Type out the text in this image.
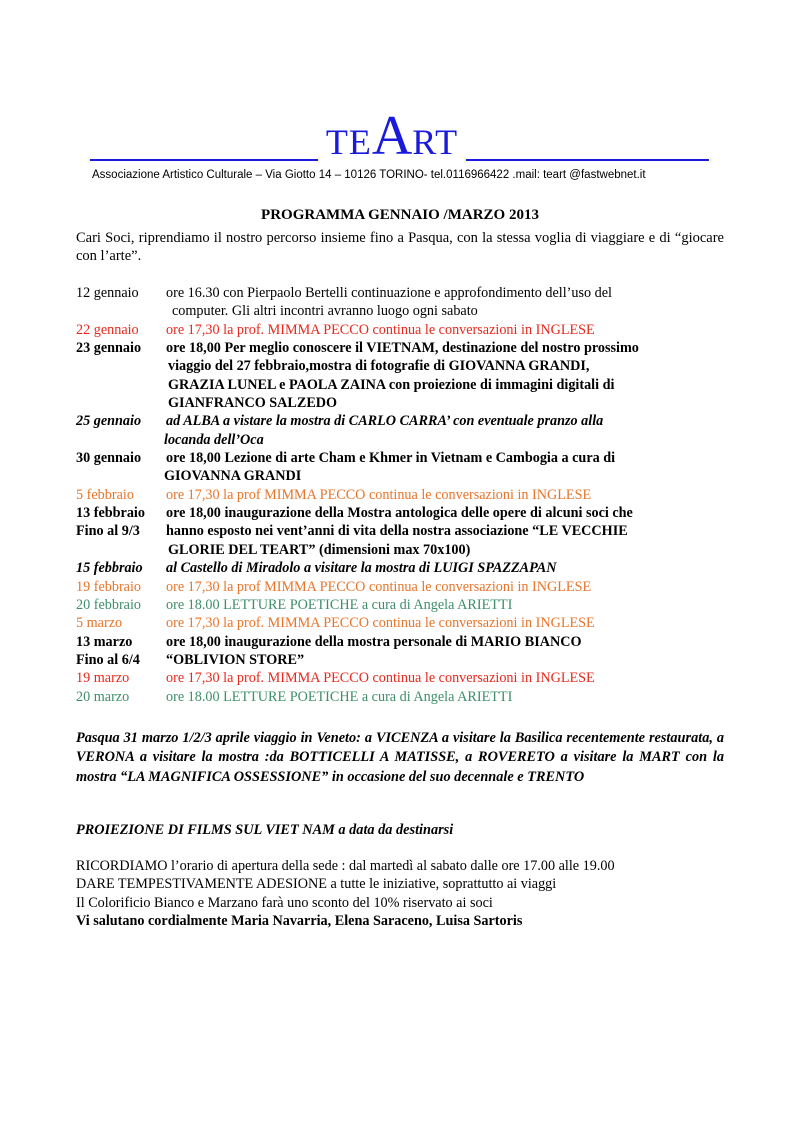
TEART
Associazione Artistico Culturale – Via Giotto 14 – 10126 TORINO- tel.0116966422 .mail: teart @fastwebnet.it
PROGRAMMA GENNAIO /MARZO 2013
Cari Soci, riprendiamo il nostro percorso insieme fino a Pasqua, con la stessa voglia di viaggiare e di “giocare con l’arte”.
12 gennaio ore 16.30 con Pierpaolo Bertelli continuazione e approfondimento dell’uso del
computer. Gli altri incontri avranno luogo ogni sabato
22 gennaio ore 17,30 la prof. MIMMA PECCO continua le conversazioni in INGLESE
23 gennaio ore 18,00 Per meglio conoscere il VIETNAM, destinazione del nostro prossimo
viaggio del 27 febbraio,mostra di fotografie di GIOVANNA GRANDI,
GRAZIA LUNEL e PAOLA ZAINA con proiezione di immagini digitali di
GIANFRANCO SALZEDO
25 gennaio ad ALBA a vistare la mostra di CARLO CARRA’ con eventuale pranzo alla
locanda dell’Oca
30 gennaio ore 18,00 Lezione di arte Cham e Khmer in Vietnam e Cambogia a cura di
GIOVANNA GRANDI
5 febbraio ore 17,30 la prof MIMMA PECCO continua le conversazioni in INGLESE
13 febbraio ore 18,00 inaugurazione della Mostra antologica delle opere di alcuni soci che
Fino al 9/3 hanno esposto nei vent’anni di vita della nostra associazione “LE VECCHIE
GLORIE DEL TEART” (dimensioni max 70x100)
15 febbraio al Castello di Miradolo a visitare la mostra di LUIGI SPAZZAPAN
19 febbraio ore 17,30 la prof MIMMA PECCO continua le conversazioni in INGLESE
20 febbraio ore 18.00 LETTURE POETICHE a cura di Angela ARIETTI
5 marzo	ore 17,30 la prof. MIMMA PECCO continua le conversazioni in INGLESE
13 marzo ore 18,00 inaugurazione della mostra personale di MARIO BIANCO
Fino al 6/4 “OBLIVION STORE”
19 marzo	ore 17,30 la prof. MIMMA PECCO continua le conversazioni in INGLESE
20 marzo	ore 18.00 LETTURE POETICHE a cura di Angela ARIETTI
Pasqua 31 marzo 1/2/3 aprile viaggio in Veneto: a VICENZA a visitare la Basilica recentemente restaurata, a VERONA a visitare la mostra :da BOTTICELLI A MATISSE, a ROVERETO a visitare la MART con la mostra “LA MAGNIFICA OSSESSIONE” in occasione del suo decennale e TRENTO
PROIEZIONE DI FILMS SUL VIET NAM a data da destinarsi
RICORDIAMO l’orario di apertura della sede : dal martedì al sabato dalle ore 17.00 alle 19.00
DARE TEMPESTIVAMENTE ADESIONE a tutte le iniziative, soprattutto ai viaggi
Il Colorificio Bianco e Marzano farà uno sconto del 10% riservato ai soci
Vi salutano cordialmente Maria Navarria, Elena Saraceno, Luisa Sartoris
